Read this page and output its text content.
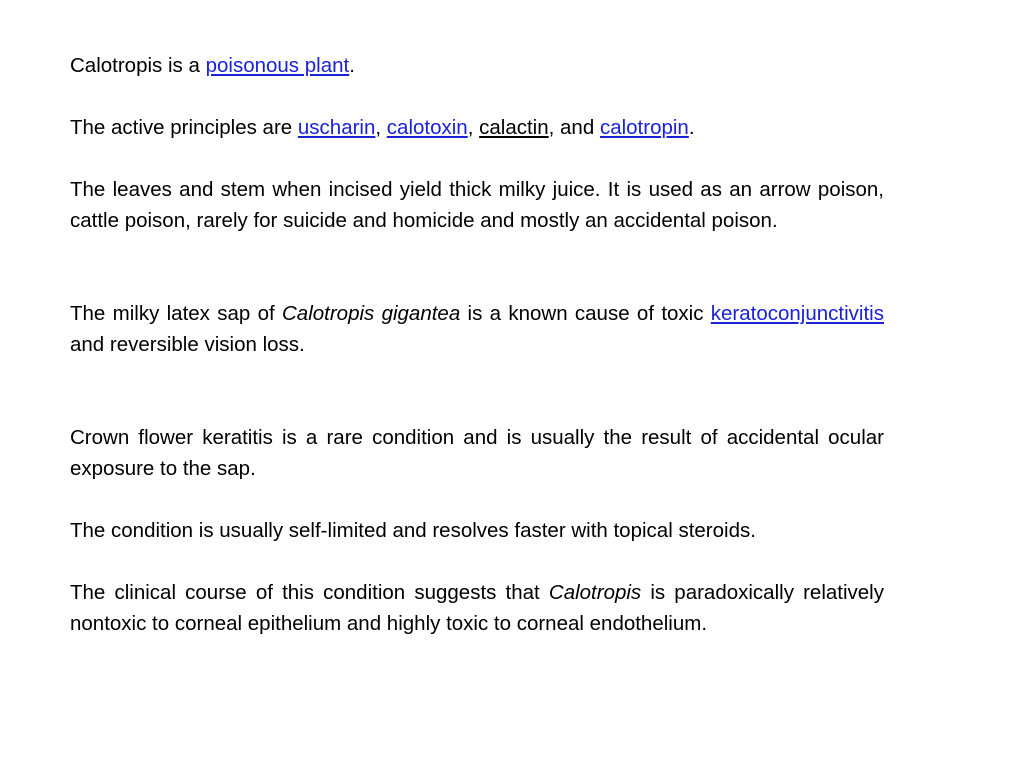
Calotropis is a poisonous plant.

The active principles are uscharin, calotoxin, calactin, and calotropin.

The leaves and stem when incised yield thick milky juice. It is used as an arrow poison, cattle poison, rarely for suicide and homicide and mostly an accidental poison.

The milky latex sap of Calotropis gigantea is a known cause of toxic keratoconjunctivitis and reversible vision loss.

Crown flower keratitis is a rare condition and is usually the result of accidental ocular exposure to the sap.

The condition is usually self-limited and resolves faster with topical steroids.

The clinical course of this condition suggests that Calotropis is paradoxically relatively nontoxic to corneal epithelium and highly toxic to corneal endothelium.
